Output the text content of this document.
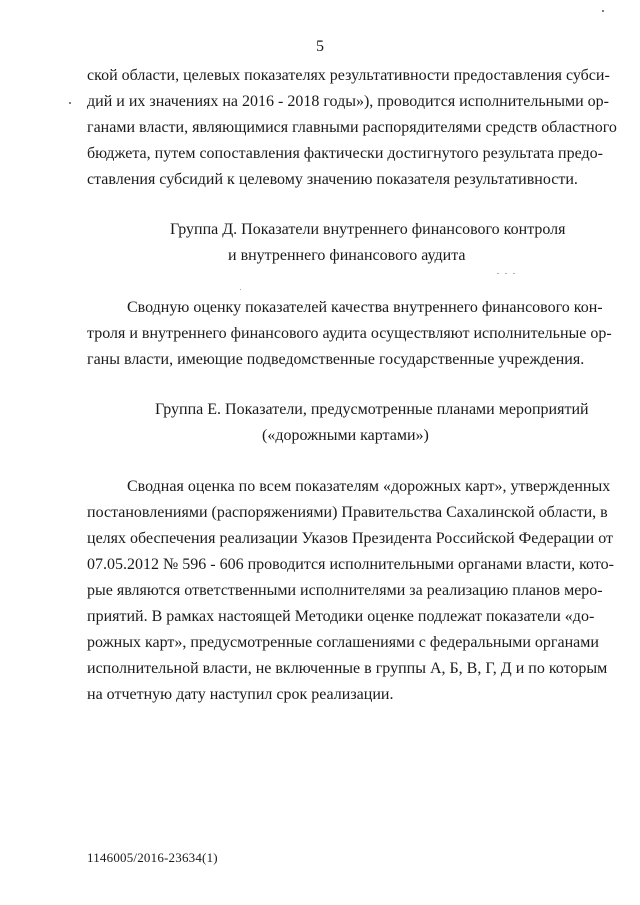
5
ской области, целевых показателях результативности предоставления субси-
дий и их значениях на 2016 - 2018 годы»), проводится исполнительными ор-
ганами власти, являющимися главными распорядителями средств областного
бюджета, путем сопоставления фактически достигнутого результата предо-
ставления субсидий к целевому значению показателя результативности.
Группа Д. Показатели внутреннего финансового контроля
и внутреннего финансового аудита
Сводную оценку показателей качества внутреннего финансового кон-
троля и внутреннего финансового аудита осуществляют исполнительные ор-
ганы власти, имеющие подведомственные государственные учреждения.
Группа Е. Показатели, предусмотренные планами мероприятий
(«дорожными картами»)
Сводная оценка по всем показателям «дорожных карт», утвержденных
постановлениями (распоряжениями) Правительства Сахалинской области, в
целях обеспечения реализации Указов Президента Российской Федерации от
07.05.2012 № 596 - 606 проводится исполнительными органами власти, кото-
рые являются ответственными исполнителями за реализацию планов меро-
приятий. В рамках настоящей Методики оценке подлежат показатели «до-
рожных карт», предусмотренные соглашениями с федеральными органами
исполнительной власти, не включенные в группы А, Б, В, Г, Д и по которым
на отчетную дату наступил срок реализации.
1146005/2016-23634(1)
